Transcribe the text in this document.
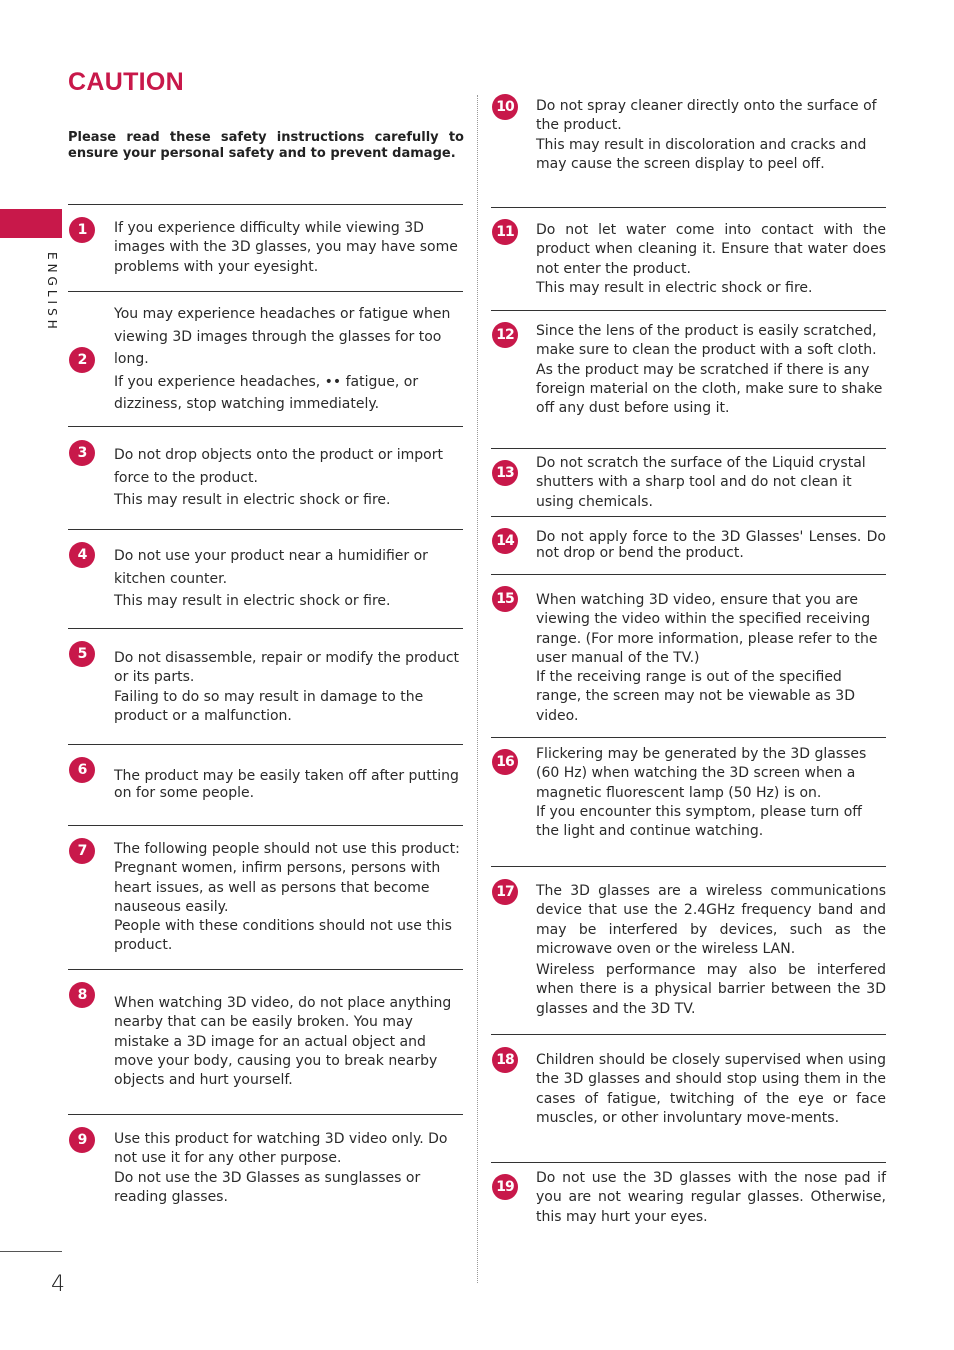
CAUTION
Please read these safety instructions carefully to ensure your personal safety and to prevent damage.
ENGLISH
4
1	If you experience difficulty while viewing 3D images with the 3D glasses, you may have some problems with your eyesight.

2

You may experience headaches or fatigue when viewing 3D images through the glasses for too long.

If you experience headaches, •• fatigue, or dizziness, stop watching immediately.

3	Do not drop objects onto the product or import force to the product.

This may result in electric shock or fire.

4	Do not use your product near a humidifier or kitchen counter.

This may result in electric shock or fire.

5	Do not disassemble, repair or modify the product or its parts.

Failing to do so may result in damage to the product or a malfunction.

6	The product may be easily taken off after putting on for some people.

7	The following people should not use this product: Pregnant women, infirm persons, persons with heart issues, as well as persons that become nauseous easily.

People with these conditions should not use this product.

8	When watching 3D video, do not place anything nearby that can be easily broken. You may mistake a 3D image for an actual object and move your body, causing you to break nearby objects and hurt yourself.

9	Use this product for watching 3D video only. Do not use it for any other purpose.

Do not use the 3D Glasses as sunglasses or reading glasses.

10	Do not spray cleaner directly onto the surface of the product.

This may result in discoloration and cracks and may cause the screen display to peel off.

11	Do not let water come into contact with the product when cleaning it. Ensure that water does not enter the product.

This may result in electric shock or fire.

12	Since the lens of the product is easily scratched, make sure to clean the product with a soft cloth.

As the product may be scratched if there is any foreign material on the cloth, make sure to shake off any dust before using it.

13

Do not scratch the surface of the Liquid crystal shutters with a sharp tool and do not clean it using chemicals.

14	Do not apply force to the 3D Glasses' Lenses. Do not drop or bend the product.

15	When watching 3D video, ensure that you are viewing the video within the specified receiving range. (For more information, please refer to the user manual of the TV.)

If the receiving range is out of the specified range, the screen may not be viewable as 3D video.

16	Flickering may be generated by the 3D glasses (60 Hz) when watching the 3D screen when a magnetic fluorescent lamp (50 Hz) is on.

If you encounter this symptom, please turn off the light and continue watching.

17	The 3D glasses are a wireless communications device that use the 2.4GHz frequency band and may be interfered by devices, such as the microwave oven or the wireless LAN.

Wireless performance may also be interfered when there is a physical barrier between the 3D glasses and the 3D TV.

18	Children should be closely supervised when using the 3D glasses and should stop using them in the cases of fatigue, twitching of the eye or face muscles, or other involuntary move-ments.

19

Do not use the 3D glasses with the nose pad if you are not wearing regular glasses. Otherwise, this may hurt your eyes.
